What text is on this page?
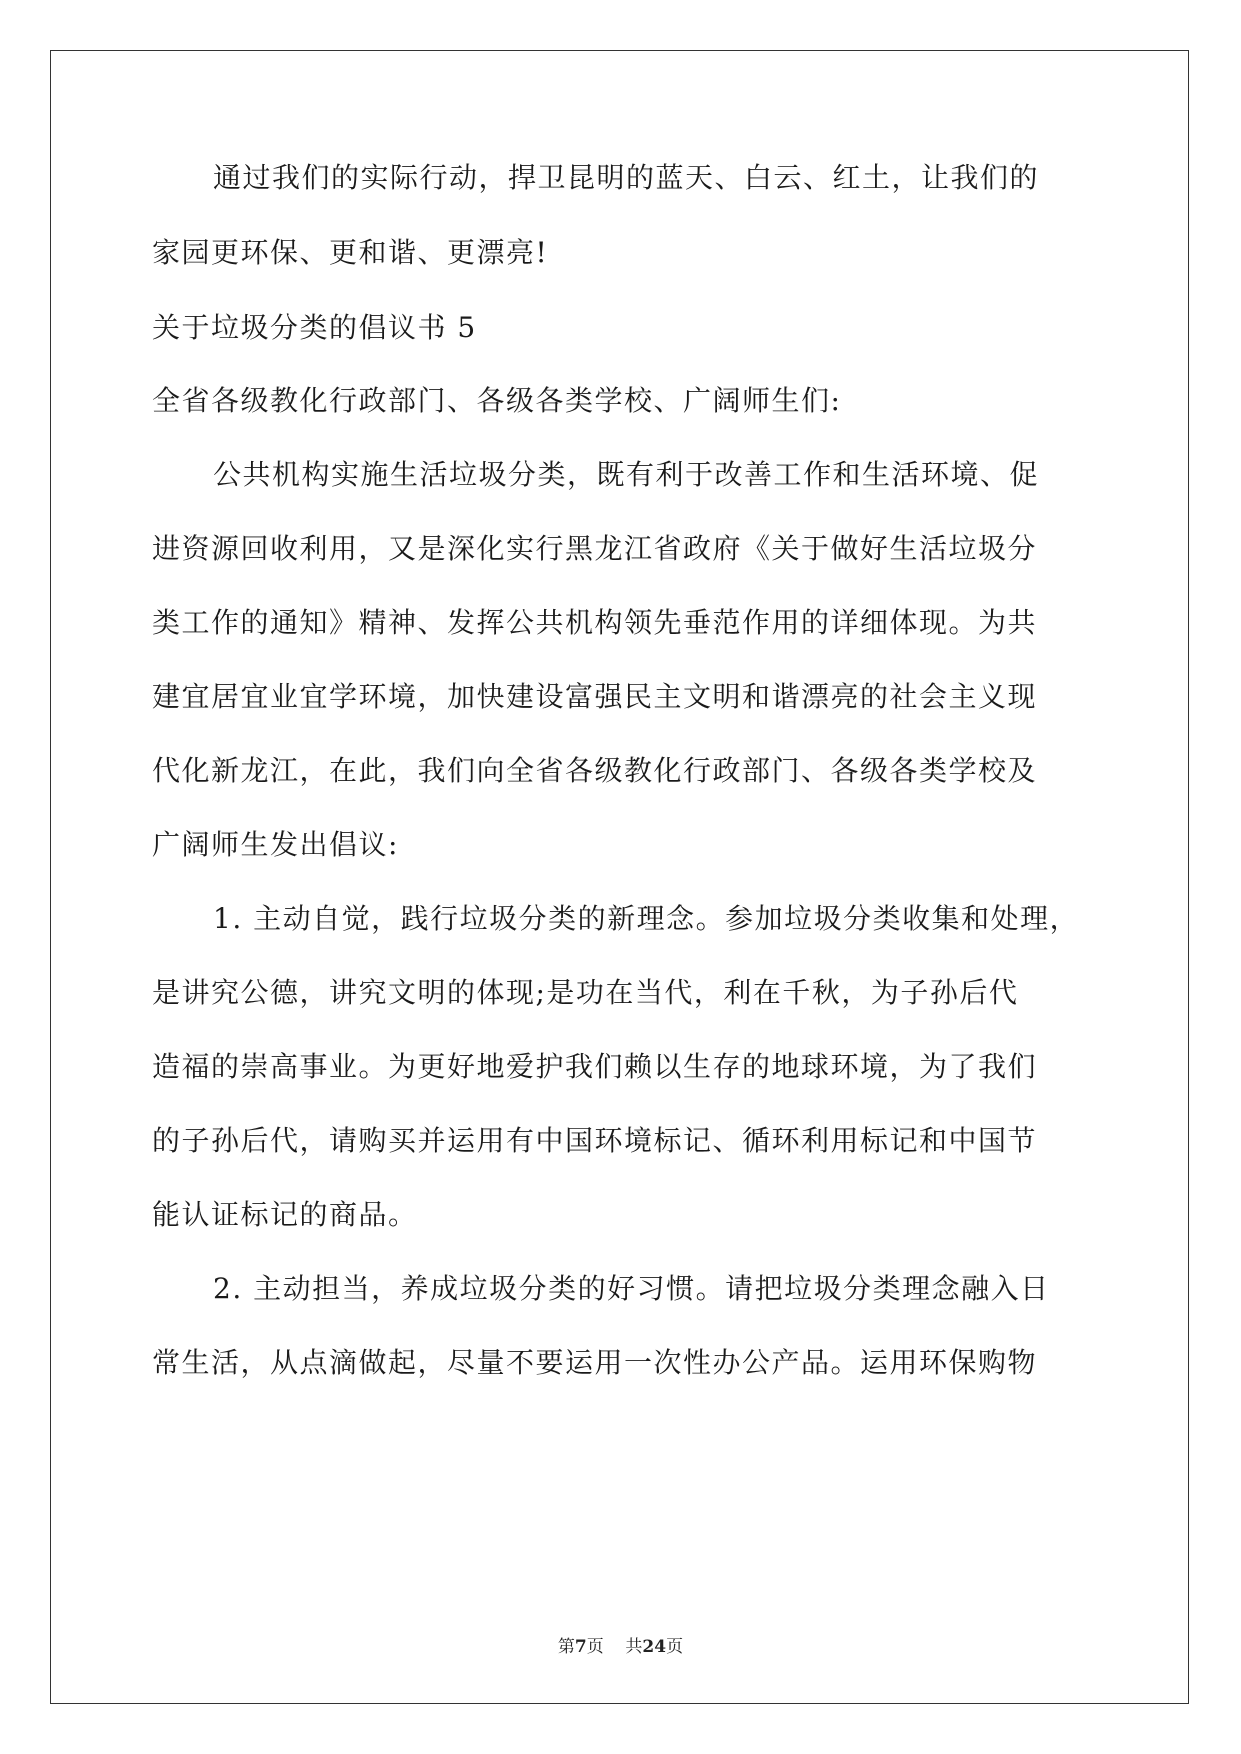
通过我们的实际行动，捍卫昆明的蓝天、白云、红土，让我们的
家园更环保、更和谐、更漂亮!
关于垃圾分类的倡议书 5
全省各级教化行政部门、各级各类学校、广阔师生们:
公共机构实施生活垃圾分类，既有利于改善工作和生活环境、促
进资源回收利用，又是深化实行黑龙江省政府《关于做好生活垃圾分
类工作的通知》精神、发挥公共机构领先垂范作用的详细体现。为共
建宜居宜业宜学环境，加快建设富强民主文明和谐漂亮的社会主义现
代化新龙江，在此，我们向全省各级教化行政部门、各级各类学校及
广阔师生发出倡议:
1. 主动自觉，践行垃圾分类的新理念。参加垃圾分类收集和处理，
是讲究公德，讲究文明的体现;是功在当代，利在千秋，为子孙后代
造福的崇高事业。为更好地爱护我们赖以生存的地球环境，为了我们
的子孙后代，请购买并运用有中国环境标记、循环利用标记和中国节
能认证标记的商品。
2. 主动担当，养成垃圾分类的好习惯。请把垃圾分类理念融入日
常生活，从点滴做起，尽量不要运用一次性办公产品。运用环保购物
第7页 共24页
